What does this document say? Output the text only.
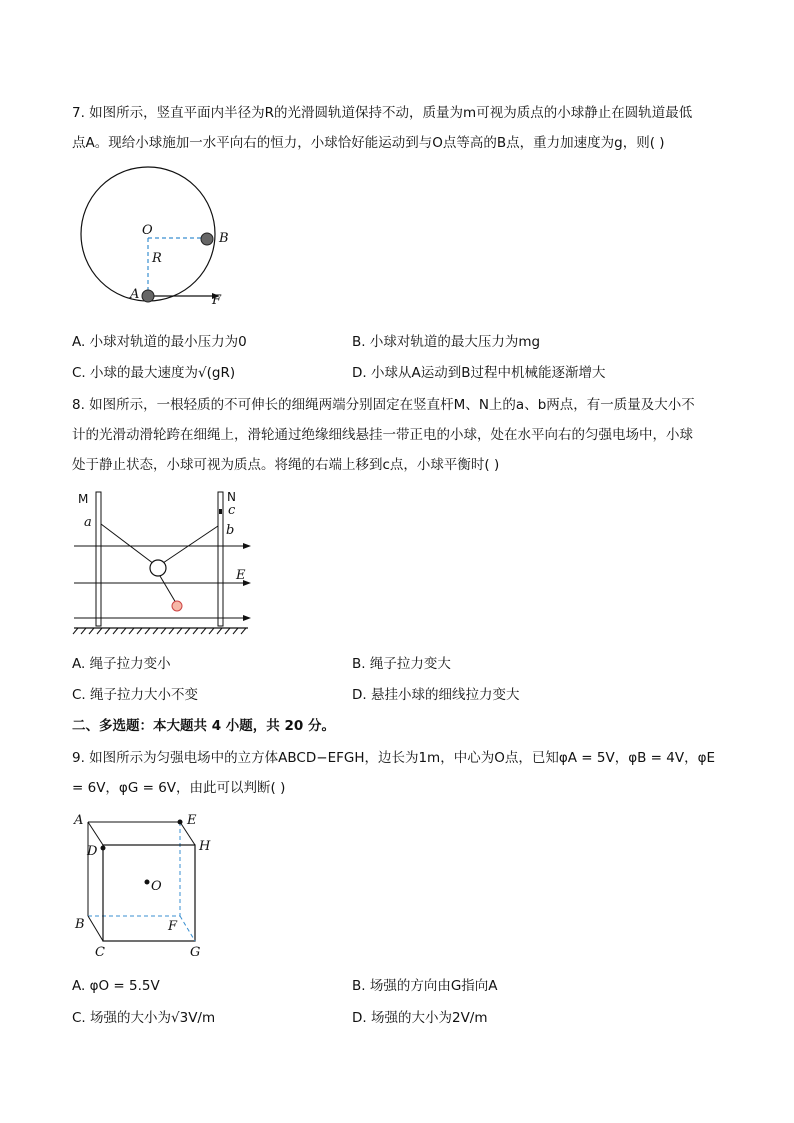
7. 如图所示，竖直平面内半径为R的光滑圆轨道保持不动，质量为m可视为质点的小球静止在圆轨道最低
点A。现给小球施加一水平向右的恒力，小球恰好能运动到与O点等高的B点，重力加速度为g，则( )
O
B
R
A	F
A. 小球对轨道的最小压力为0	B. 小球对轨道的最大压力为mg
C. 小球的最大速度为√(gR)	D. 小球从A运动到B过程中机械能逐渐增大
8. 如图所示，一根轻质的不可伸长的细绳两端分别固定在竖直杆M、N上的a、b两点，有一质量及大小不
计的光滑动滑轮跨在细绳上，滑轮通过绝缘细线悬挂一带正电的小球，处在水平向右的匀强电场中，小球
处于静止状态，小球可视为质点。将绳的右端上移到c点，小球平衡时( )
M	N
a
c
b
E
A. 绳子拉力变小	B. 绳子拉力变大
C. 绳子拉力大小不变	D. 悬挂小球的细线拉力变大
二、多选题：本大题共 4 小题，共 20 分。
9. 如图所示为匀强电场中的立方体ABCD−EFGH，边长为1m，中心为O点，已知φA = 5V，φB = 4V，φE
= 6V，φG = 6V，由此可以判断( )
A	E
D	H
O
B	F
C	G
A. φO = 5.5V	B. 场强的方向由G指向A
C. 场强的大小为√3V/m	D. 场强的大小为2V/m
